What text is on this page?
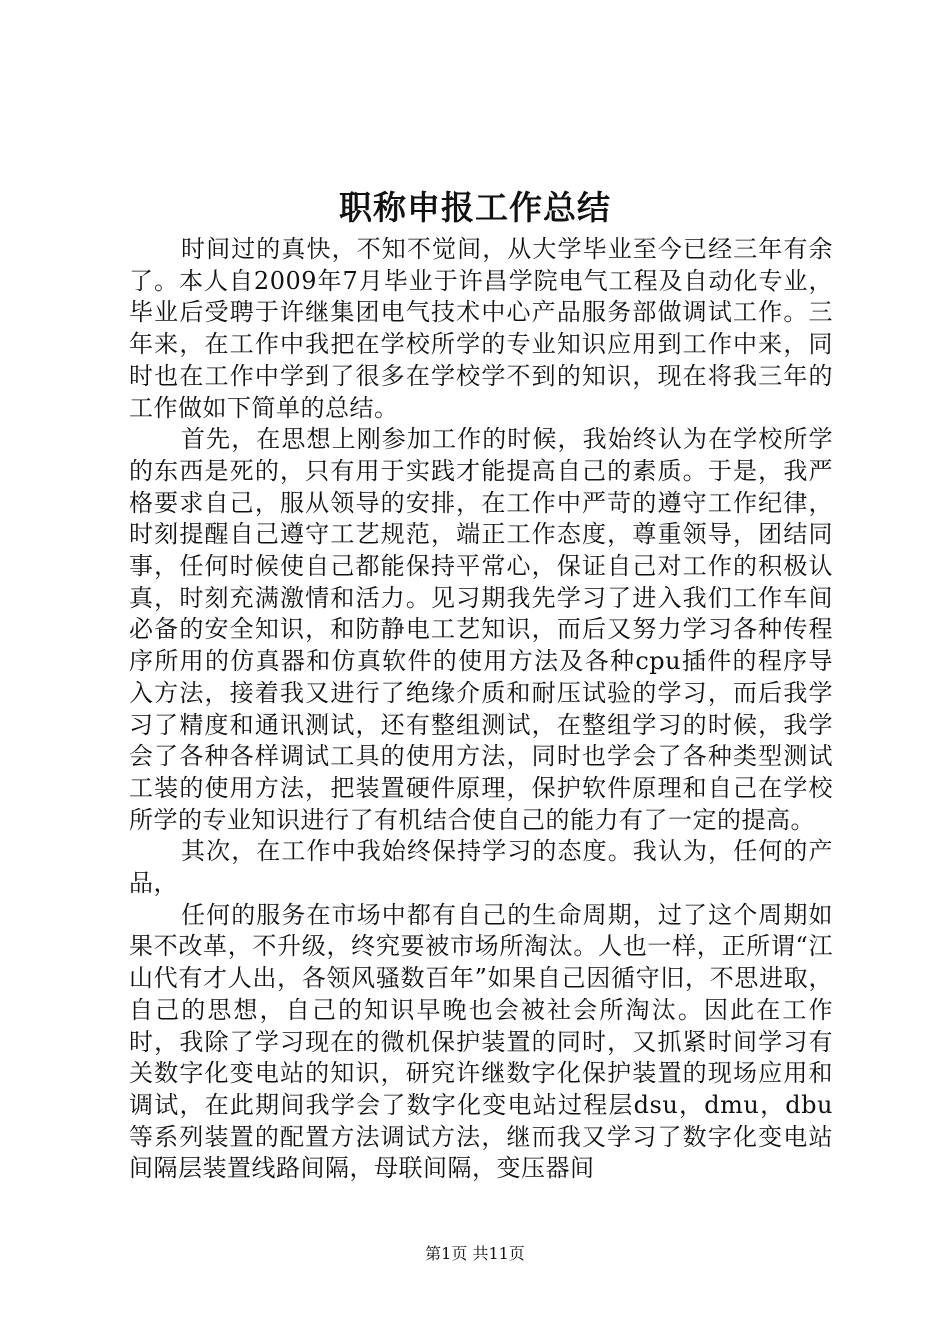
职称申报工作总结

时间过的真快，不知不觉间，从大学毕业至今已经三年有余了。本人自2009年7月毕业于许昌学院电气工程及自动化专业，毕业后受聘于许继集团电气技术中心产品服务部做调试工作。三年来，在工作中我把在学校所学的专业知识应用到工作中来，同时也在工作中学到了很多在学校学不到的知识，现在将我三年的工作做如下简单的总结。

首先，在思想上刚参加工作的时候，我始终认为在学校所学的东西是死的，只有用于实践才能提高自己的素质。于是，我严格要求自己，服从领导的安排，在工作中严苛的遵守工作纪律，时刻提醒自己遵守工艺规范，端正工作态度，尊重领导，团结同事，任何时候使自己都能保持平常心，保证自己对工作的积极认真，时刻充满激情和活力。见习期我先学习了进入我们工作车间必备的安全知识，和防静电工艺知识，而后又努力学习各种传程序所用的仿真器和仿真软件的使用方法及各种cpu插件的程序导入方法，接着我又进行了绝缘介质和耐压试验的学习，而后我学习了精度和通讯测试，还有整组测试，在整组学习的时候，我学会了各种各样调试工具的使用方法，同时也学会了各种类型测试工装的使用方法，把装置硬件原理，保护软件原理和自己在学校所学的专业知识进行了有机结合使自己的能力有了一定的提高。

其次，在工作中我始终保持学习的态度。我认为，任何的产品，

任何的服务在市场中都有自己的生命周期，过了这个周期如果不改革，不升级，终究要被市场所淘汰。人也一样，正所谓“江山代有才人出，各领风骚数百年”如果自己因循守旧，不思进取，自己的思想，自己的知识早晚也会被社会所淘汰。因此在工作时，我除了学习现在的微机保护装置的同时，又抓紧时间学习有关数字化变电站的知识，研究许继数字化保护装置的现场应用和调试，在此期间我学会了数字化变电站过程层dsu，dmu，dbu等系列装置的配置方法调试方法，继而我又学习了数字化变电站间隔层装置线路间隔，母联间隔，变压器间

第1页 共11页
